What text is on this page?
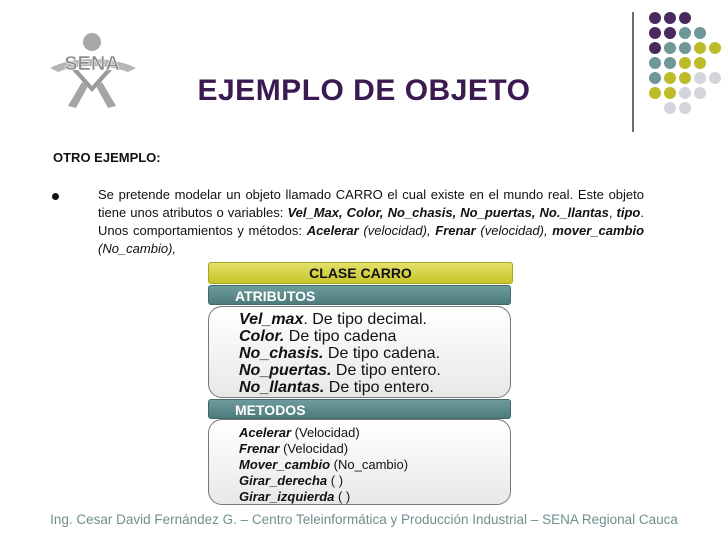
SENA
EJEMPLO DE OBJETO
OTRO EJEMPLO:
Se pretende modelar un objeto llamado CARRO el cual existe en el mundo real. Este objeto tiene unos atributos o variables: Vel_Max, Color, No_chasis, No_puertas, No._llantas, tipo. Unos comportamientos y métodos: Acelerar (velocidad), Frenar (velocidad), mover_cambio (No_cambio),
CLASE CARRO
ATRIBUTOS
Vel_max. De tipo decimal.
Color. De tipo cadena
No_chasis. De tipo cadena.
No_puertas. De tipo entero.
No_llantas. De tipo entero.
METODOS
Acelerar (Velocidad)
Frenar (Velocidad)
Mover_cambio (No_cambio)
Girar_derecha ( )
Girar_izquierda ( )
Ing. Cesar David Fernández G. – Centro Teleinformática y Producción Industrial – SENA Regional Cauca
